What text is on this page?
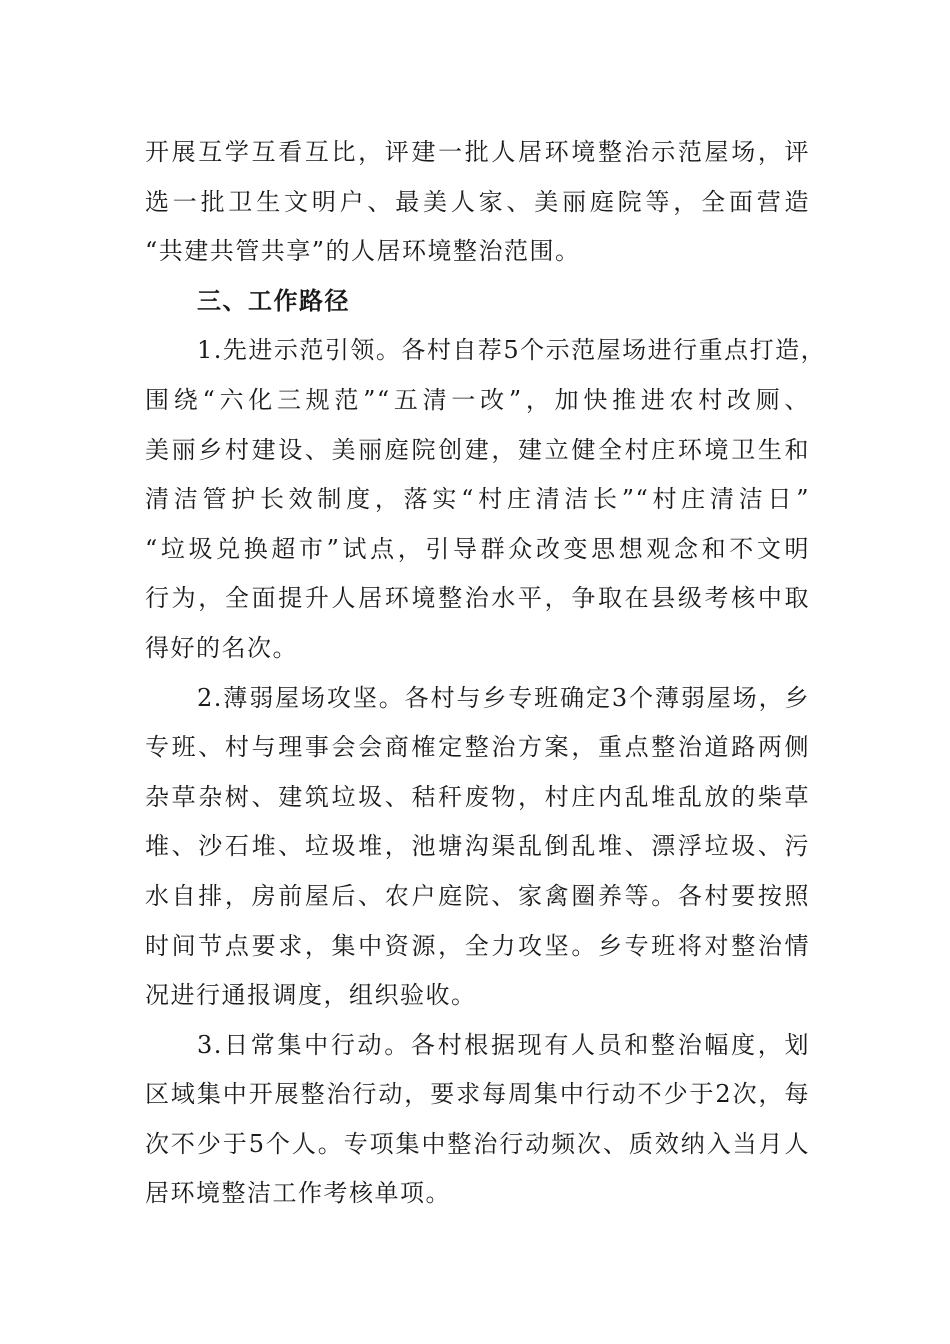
开展互学互看互比，评建一批人居环境整治示范屋场，评
选一批卫生文明户、最美人家、美丽庭院等，全面营造
“共建共管共享”的人居环境整治范围。
三、工作路径
1.先进示范引领。各村自荐5个示范屋场进行重点打造，
围绕“六化三规范”“五清一改”，加快推进农村改厕、
美丽乡村建设、美丽庭院创建，建立健全村庄环境卫生和
清洁管护长效制度，落实“村庄清洁长”“村庄清洁日”
“垃圾兑换超市”试点，引导群众改变思想观念和不文明
行为，全面提升人居环境整治水平，争取在县级考核中取
得好的名次。
2.薄弱屋场攻坚。各村与乡专班确定3个薄弱屋场，乡
专班、村与理事会会商榷定整治方案，重点整治道路两侧
杂草杂树、建筑垃圾、秸秆废物，村庄内乱堆乱放的柴草
堆、沙石堆、垃圾堆，池塘沟渠乱倒乱堆、漂浮垃圾、污
水自排，房前屋后、农户庭院、家禽圈养等。各村要按照
时间节点要求，集中资源，全力攻坚。乡专班将对整治情
况进行通报调度，组织验收。
3.日常集中行动。各村根据现有人员和整治幅度，划
区域集中开展整治行动，要求每周集中行动不少于2次，每
次不少于5个人。专项集中整治行动频次、质效纳入当月人
居环境整洁工作考核单项。
